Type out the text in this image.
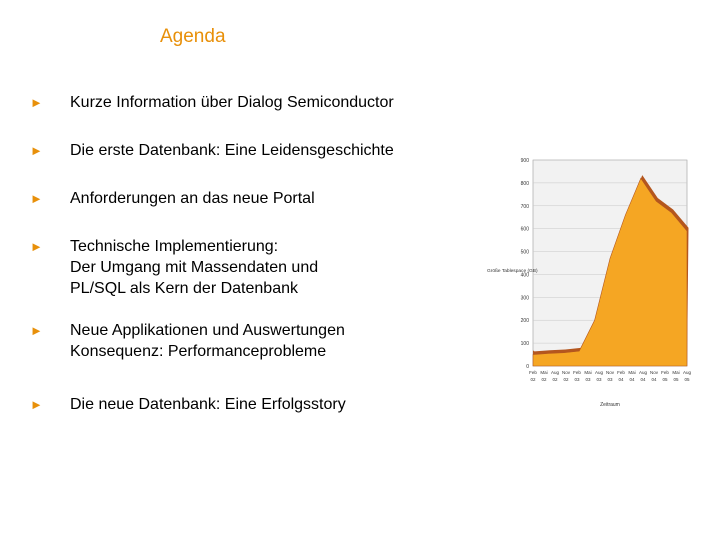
Agenda
►	Kurze Information über Dialog Semiconductor
►	Die erste Datenbank: Eine Leidensgeschichte
►	Anforderungen an das neue Portal
►	Technische Implementierung:
Der Umgang mit Massendaten und
PL/SQL als Kern der Datenbank
►	Neue Applikationen und Auswertungen
Konsequenz: Performanceprobleme
►	Die neue Datenbank: Eine Erfolgsstory
0
100
200
300
400
500
600
700
800
900
Feb
02
Mai
02
Aug
02
Nov
02
Feb
03
Mai
03
Aug
03
Nov
03
Feb
04
Mai
04
Aug
04
Nov
04
Feb
05
Mai
05
Aug
05
Zeitraum
Größe Tablespace (GB)
